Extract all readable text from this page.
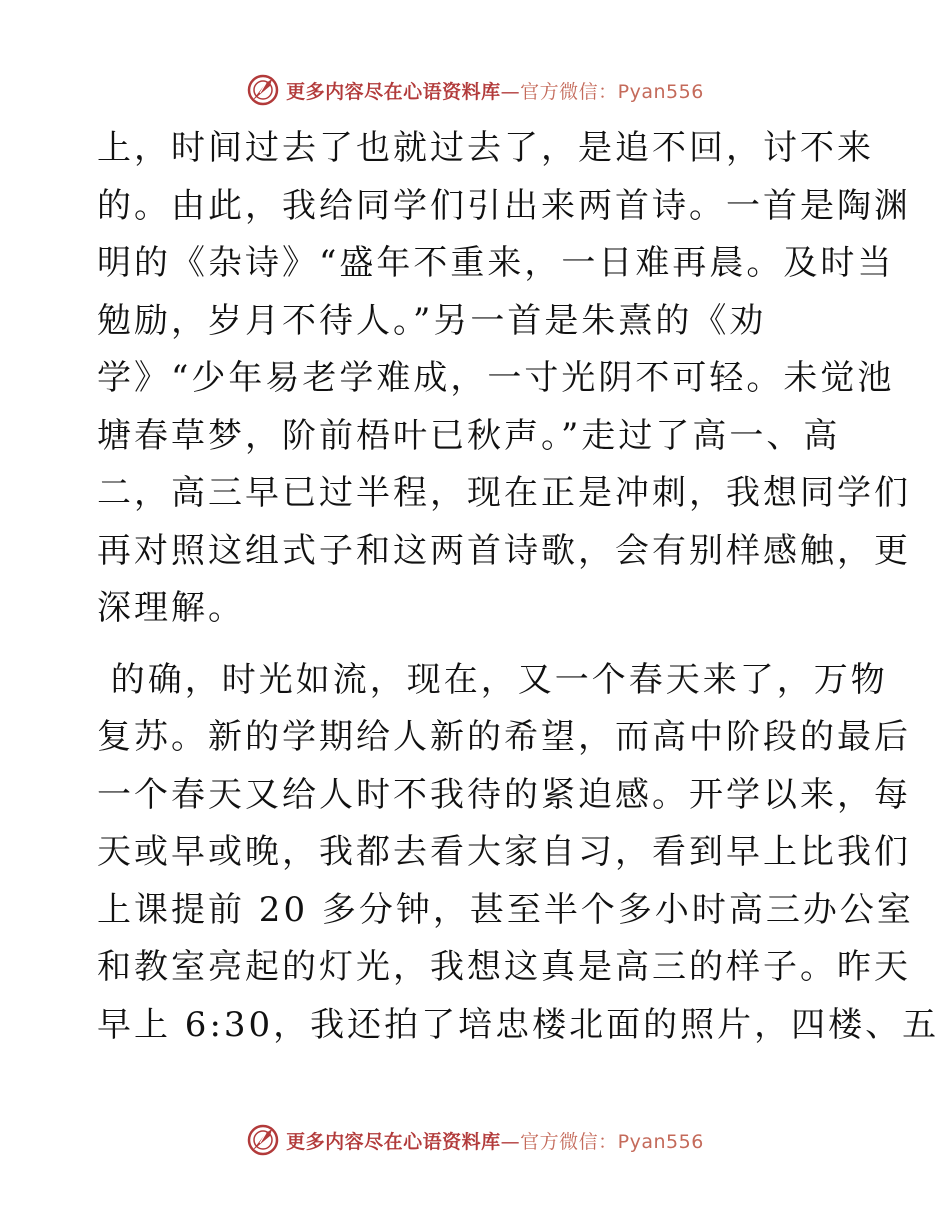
更多内容尽在心语资料库—官方微信：Pyan556
上，时间过去了也就过去了，是追不回，讨不来
的。由此，我给同学们引出来两首诗。一首是陶渊
明的《杂诗》“盛年不重来，一日难再晨。及时当
勉励，岁月不待人。”另一首是朱熹的《劝
学》“少年易老学难成，一寸光阴不可轻。未觉池
塘春草梦，阶前梧叶已秋声。”走过了高一、高
二，高三早已过半程，现在正是冲刺，我想同学们
再对照这组式子和这两首诗歌，会有别样感触，更
深理解。
的确，时光如流，现在，又一个春天来了，万物
复苏。新的学期给人新的希望，而高中阶段的最后
一个春天又给人时不我待的紧迫感。开学以来，每
天或早或晚，我都去看大家自习，看到早上比我们
上课提前 20 多分钟，甚至半个多小时高三办公室
和教室亮起的灯光，我想这真是高三的样子。昨天
早上 6:30，我还拍了培忠楼北面的照片，四楼、五
更多内容尽在心语资料库—官方微信：Pyan556
